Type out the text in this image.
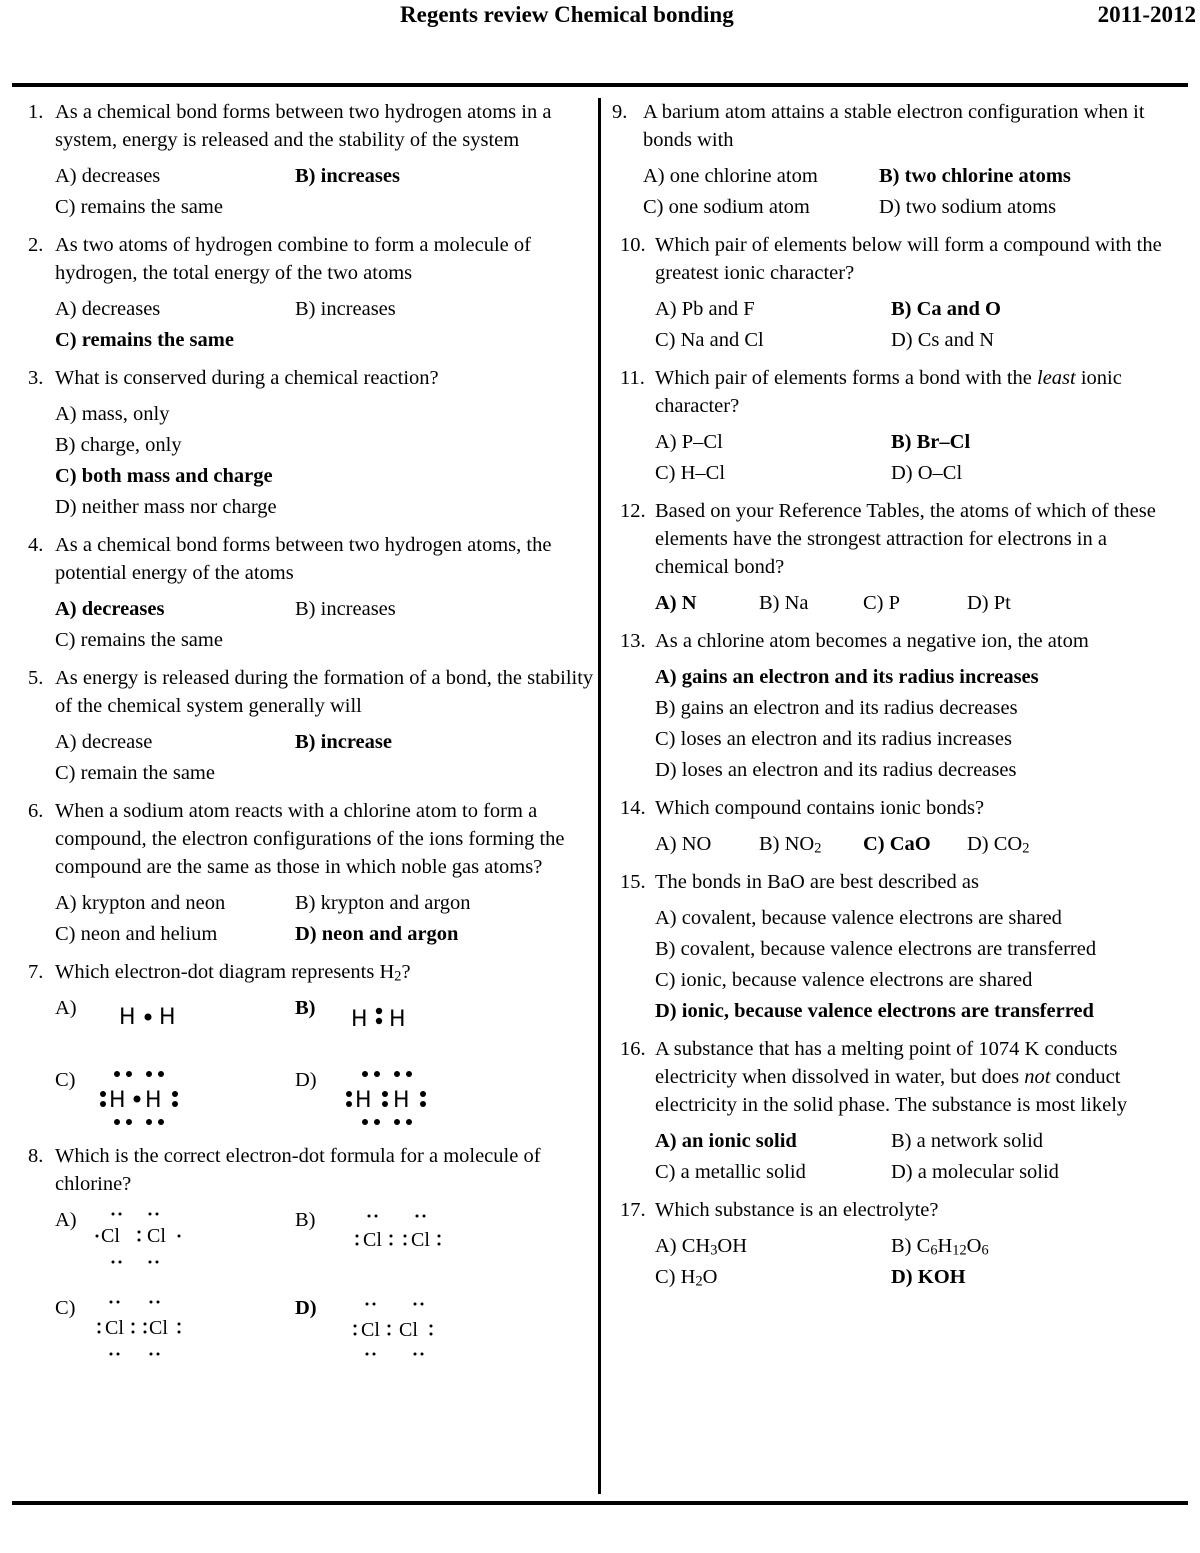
Regents review Chemical bonding	2011-2012
1. As a chemical bond forms between two hydrogen atoms in a system, energy is released and the stability of the system
A) decreases	B) increases
C) remains the same
2. As two atoms of hydrogen combine to form a molecule of hydrogen, the total energy of the two atoms
A) decreases	B) increases
C) remains the same
3. What is conserved during a chemical reaction?
A) mass, only
B) charge, only
C) both mass and charge
D) neither mass nor charge
4. As a chemical bond forms between two hydrogen atoms, the potential energy of the atoms
A) decreases	B) increases
C) remains the same
5. As energy is released during the formation of a bond, the stability of the chemical system generally will
A) decrease	B) increase
C) remain the same
6. When a sodium atom reacts with a chlorine atom to form a compound, the electron configurations of the ions forming the compound are the same as those in which noble gas atoms?
A) krypton and neon	B) krypton and argon
C) neon and helium	D) neon and argon
7. Which electron-dot diagram represents $H_2$?
A)	H H	B)	H H
C)
H H
D)
H H
8. Which is the correct electron-dot formula for a molecule of chlorine?
A)
Cl Cl
B)
Cl Cl
C)
Cl Cl
D)
Cl Cl
9. A barium atom attains a stable electron configuration when it bonds with
A) one chlorine atom	B) two chlorine atoms
C) one sodium atom	D) two sodium atoms
10. Which pair of elements below will form a compound with the greatest ionic character?
A) Pb and F	B) Ca and O
C) Na and Cl	D) Cs and N
11. Which pair of elements forms a bond with the least ionic character?
A) P–Cl	B) Br–Cl
C) H–Cl	D) O–Cl
12. Based on your Reference Tables, the atoms of which of these elements have the strongest attraction for electrons in a chemical bond?
A) N	B) Na	C) P	D) Pt
13. As a chlorine atom becomes a negative ion, the atom
A) gains an electron and its radius increases
B) gains an electron and its radius decreases
C) loses an electron and its radius increases
D) loses an electron and its radius decreases
14. Which compound contains ionic bonds?
A) NO	B) $NO_2$	C) CaO	D) $CO_2$
15. The bonds in BaO are best described as
A) covalent, because valence electrons are shared
B) covalent, because valence electrons are transferred
C) ionic, because valence electrons are shared
D) ionic, because valence electrons are transferred
16. A substance that has a melting point of 1074 K conducts electricity when dissolved in water, but does not conduct electricity in the solid phase. The substance is most likely
A) an ionic solid	B) a network solid
C) a metallic solid	D) a molecular solid
17. Which substance is an electrolyte?
A) $CH_3OH$	B) $C_6H_{12}O_6$
C) $H_2O$	D) KOH
